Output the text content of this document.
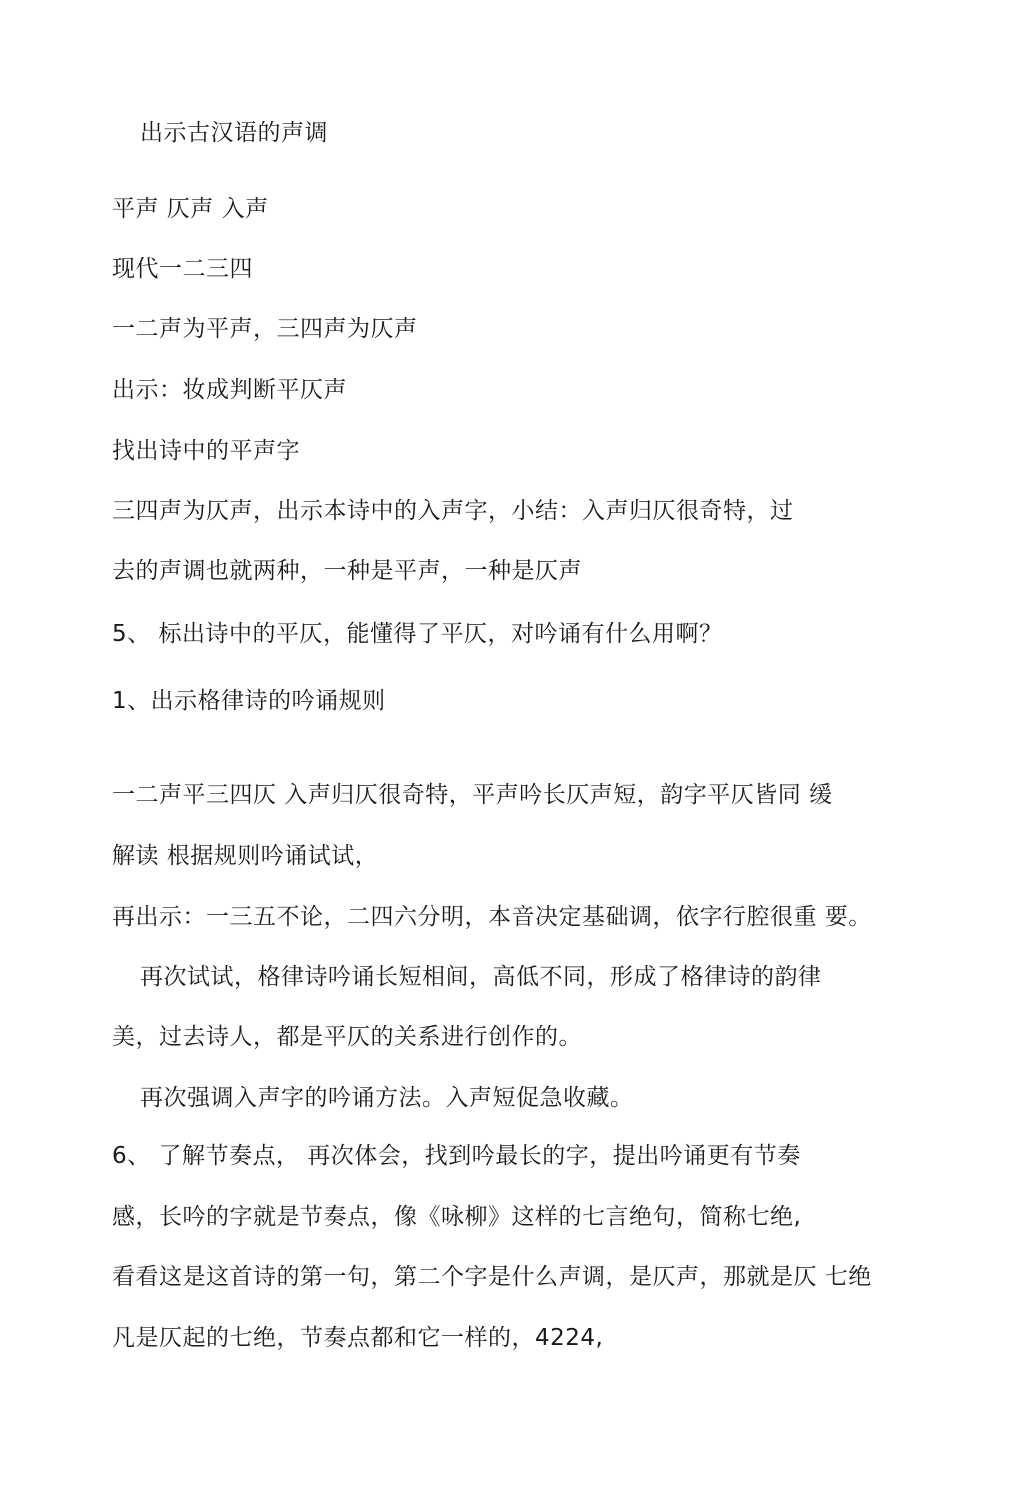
出示古汉语的声调
平声 仄声 入声
现代一二三四
一二声为平声，三四声为仄声
出示：妆成判断平仄声
找出诗中的平声字
三四声为仄声，出示本诗中的入声字，小结：入声归仄很奇特，过
去的声调也就两种，一种是平声，一种是仄声
5、 标出诗中的平仄，能懂得了平仄，对吟诵有什么用啊？
1、出示格律诗的吟诵规则
一二声平三四仄 入声归仄很奇特，平声吟长仄声短，韵字平仄皆同 缓
解读 根据规则吟诵试试，
再出示：一三五不论，二四六分明，本音决定基础调，依字行腔很重 要。
再次试试，格律诗吟诵长短相间，高低不同，形成了格律诗的韵律
美，过去诗人，都是平仄的关系进行创作的。
再次强调入声字的吟诵方法。入声短促急收藏。
6、 了解节奏点， 再次体会，找到吟最长的字，提出吟诵更有节奏
感，长吟的字就是节奏点，像《咏柳》这样的七言绝句，简称七绝,
看看这是这首诗的第一句，第二个字是什么声调，是仄声，那就是仄 七绝
凡是仄起的七绝，节奏点都和它一样的，4224,
